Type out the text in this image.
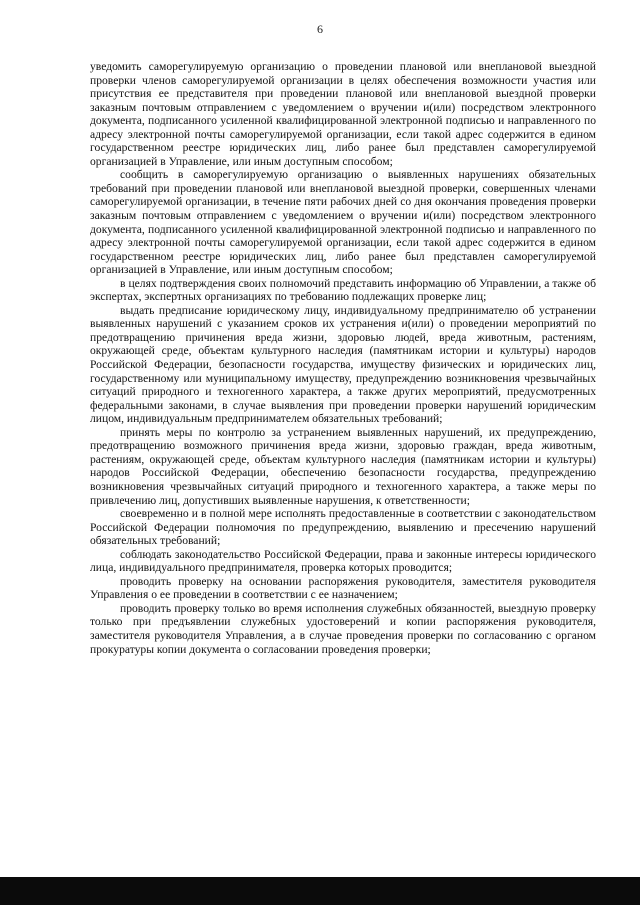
6

уведомить саморегулируемую организацию о проведении плановой или внеплановой выездной проверки членов саморегулируемой организации в целях обеспечения возможности участия или присутствия ее представителя при проведении плановой или внеплановой выездной проверки заказным почтовым отправлением с уведомлением о вручении и(или) посредством электронного документа, подписанного усиленной квалифицированной электронной подписью и направленного по адресу электронной почты саморегулируемой организации, если такой адрес содержится в едином государственном реестре юридических лиц, либо ранее был представлен саморегулируемой организацией в Управление, или иным доступным способом;

сообщить в саморегулируемую организацию о выявленных нарушениях обязательных требований при проведении плановой или внеплановой выездной проверки, совершенных членами саморегулируемой организации, в течение пяти рабочих дней со дня окончания проведения проверки заказным почтовым отправлением с уведомлением о вручении и(или) посредством электронного документа, подписанного усиленной квалифицированной электронной подписью и направленного по адресу электронной почты саморегулируемой организации, если такой адрес содержится в едином государственном реестре юридических лиц, либо ранее был представлен саморегулируемой организацией в Управление, или иным доступным способом;

в целях подтверждения своих полномочий представить информацию об Управлении, а также об экспертах, экспертных организациях по требованию подлежащих проверке лиц;

выдать предписание юридическому лицу, индивидуальному предпринимателю об устранении выявленных нарушений с указанием сроков их устранения и(или) о проведении мероприятий по предотвращению причинения вреда жизни, здоровью людей, вреда животным, растениям, окружающей среде, объектам культурного наследия (памятникам истории и культуры) народов Российской Федерации, безопасности государства, имуществу физических и юридических лиц, государственному или муниципальному имуществу, предупреждению возникновения чрезвычайных ситуаций природного и техногенного характера, а также других мероприятий, предусмотренных федеральными законами, в случае выявления при проведении проверки нарушений юридическим лицом, индивидуальным предпринимателем обязательных требований;

принять меры по контролю за устранением выявленных нарушений, их предупреждению, предотвращению возможного причинения вреда жизни, здоровью граждан, вреда животным, растениям, окружающей среде, объектам культурного наследия (памятникам истории и культуры) народов Российской Федерации, обеспечению безопасности государства, предупреждению возникновения чрезвычайных ситуаций природного и техногенного характера, а также меры по привлечению лиц, допустивших выявленные нарушения, к ответственности;

своевременно и в полной мере исполнять предоставленные в соответствии с законодательством Российской Федерации полномочия по предупреждению, выявлению и пресечению нарушений обязательных требований;

соблюдать законодательство Российской Федерации, права и законные интересы юридического лица, индивидуального предпринимателя, проверка которых проводится;

проводить проверку на основании распоряжения руководителя, заместителя руководителя Управления о ее проведении в соответствии с ее назначением;

проводить проверку только во время исполнения служебных обязанностей, выездную проверку только при предъявлении служебных удостоверений и копии распоряжения руководителя, заместителя руководителя Управления, а в случае проведения проверки по согласованию с органом прокуратуры копии документа о согласовании проведения проверки;
